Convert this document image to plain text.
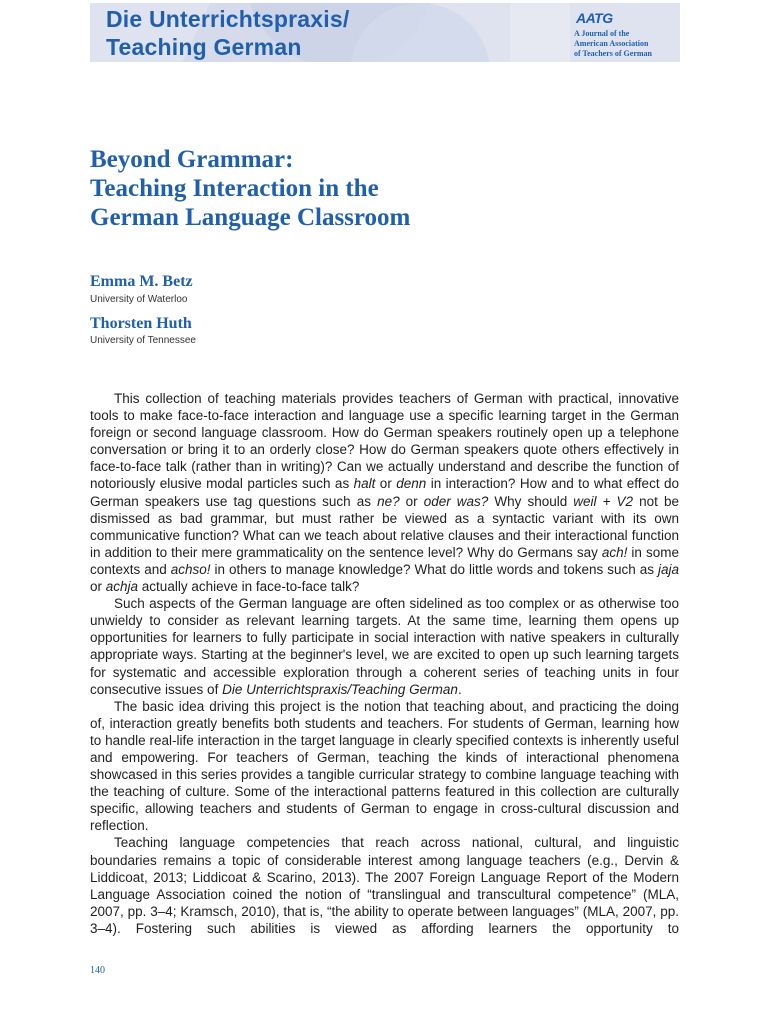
Die Unterrichtspraxis/
Teaching German
AATG
A Journal of the
American Association
of Teachers of German
Beyond Grammar:
Teaching Interaction in the
German Language Classroom
Emma M. Betz
University of Waterloo
Thorsten Huth
University of Tennessee

This collection of teaching materials provides teachers of German with practical, innovative tools to make face-to-face interaction and language use a specific learning target in the German foreign or second language classroom. How do German speakers routinely open up a telephone conversation or bring it to an orderly close? How do German speakers quote others effectively in face-to-face talk (rather than in writing)? Can we actually understand and describe the function of notoriously elusive modal particles such as halt or denn in interaction? How and to what effect do German speakers use tag questions such as ne? or oder was? Why should weil + V2 not be dismissed as bad grammar, but must rather be viewed as a syntactic variant with its own communicative function? What can we teach about relative clauses and their interactional function in addition to their mere grammaticality on the sentence level? Why do Germans say ach! in some contexts and achso! in others to manage knowledge? What do little words and tokens such as jaja or achja actually achieve in face-to-face talk?

Such aspects of the German language are often sidelined as too complex or as otherwise too unwieldy to consider as relevant learning targets. At the same time, learning them opens up opportunities for learners to fully participate in social interaction with native speakers in culturally appropriate ways. Starting at the beginner's level, we are excited to open up such learning targets for systematic and accessible exploration through a coherent series of teaching units in four consecutive issues of Die Unterrichtspraxis/Teaching German.

The basic idea driving this project is the notion that teaching about, and practicing the doing of, interaction greatly benefits both students and teachers. For students of German, learning how to handle real-life interaction in the target language in clearly specified contexts is inherently useful and empowering. For teachers of German, teaching the kinds of interactional phenomena showcased in this series provides a tangible curricular strategy to combine language teaching with the teaching of culture. Some of the interactional patterns featured in this collection are culturally specific, allowing teachers and students of German to engage in cross-cultural discussion and reflection.

Teaching language competencies that reach across national, cultural, and linguistic boundaries remains a topic of considerable interest among language teachers (e.g., Dervin & Liddicoat, 2013; Liddicoat & Scarino, 2013). The 2007 Foreign Language Report of the Modern Language Association coined the notion of “translingual and transcultural competence” (MLA, 2007, pp. 3–4; Kramsch, 2010), that is, “the ability to operate between languages” (MLA, 2007, pp. 3–4). Fostering such abilities is viewed as affording learners the opportunity to

140
